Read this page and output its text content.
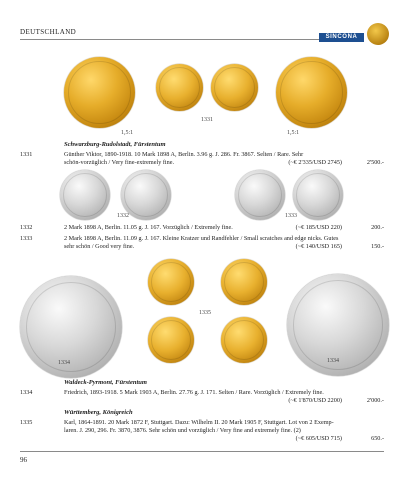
DEUTSCHLAND
SINCONA
1,5:1
1331
1,5:1
Schwarzburg-Rudolstadt, Fürstentum
1331	Günther Viktor, 1890-1918. 10 Mark 1898 A, Berlin. 3.96 g. J. 286. Fr. 3867. Selten / Rare. Sehr
schön-vorzüglich / Very fine-extremely fine.	(~€ 2'335/USD 2745)	2'500.-
1332	1333
1332	2 Mark 1898 A, Berlin. 11.05 g. J. 167. Vorzüglich / Extremely fine.	(~€ 185/USD 220)	200.-
1333	2 Mark 1898 A, Berlin. 11.09 g. J. 167. Kleine Kratzer und Randfehler / Small scratches and edge nicks. Gutes
sehr schön / Good very fine.	(~€ 140/USD 165)	150.-
1335
1334	1334
Waldeck-Pyrmont, Fürstentum
1334	Friedrich, 1893-1918. 5 Mark 1903 A, Berlin. 27.76 g. J. 171. Selten / Rare. Vorzüglich / Extremely fine.
(~€ 1'870/USD 2200)	2'000.-
Württemberg, Königreich
1335	Karl, 1864-1891. 20 Mark 1872 F, Stuttgart. Dazu: Wilhelm II. 20 Mark 1905 F, Stuttgart. Lot von 2 Exemp-
laren. J. 290, 296. Fr. 3870, 3876. Sehr schön und vorzüglich / Very fine and extremely fine. (2)
(~€ 605/USD 715)	650.-
96
